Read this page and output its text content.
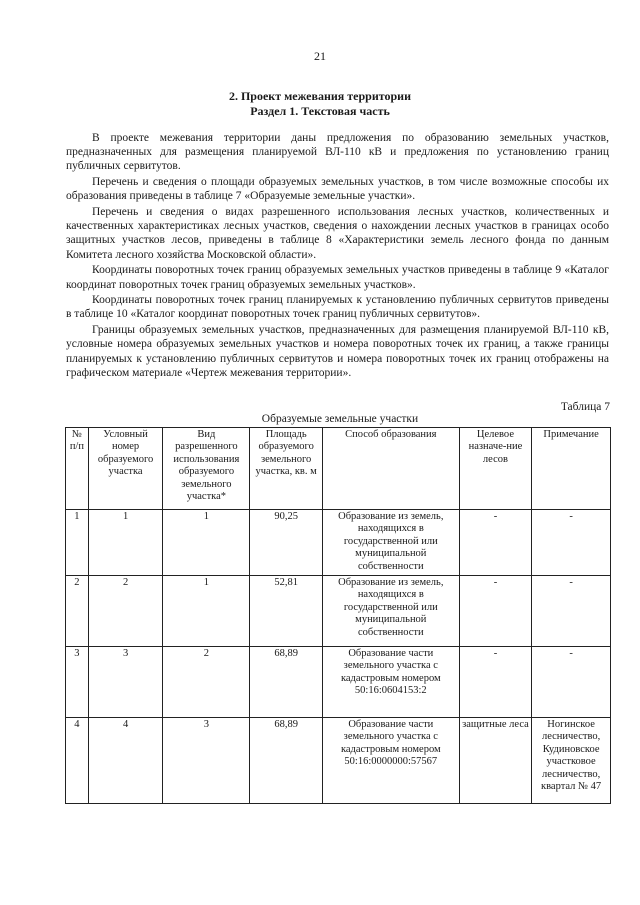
21
2. Проект межевания территории
Раздел 1. Текстовая часть

В проекте межевания территории даны предложения по образованию земельных участков, предназначенных для размещения планируемой ВЛ-110 кВ и предложения по установлению границ публичных сервитутов.

Перечень и сведения о площади образуемых земельных участков, в том числе возможные способы их образования приведены в таблице 7 «Образуемые земельные участки».

Перечень и сведения о видах разрешенного использования лесных участков, количественных и качественных характеристиках лесных участков, сведения о нахождении лесных участков в границах особо защитных участков лесов, приведены в таблице 8 «Характеристики земель лесного фонда по данным Комитета лесного хозяйства Московской области».

Координаты поворотных точек границ образуемых земельных участков приведены в таблице 9 «Каталог координат поворотных точек границ образуемых земельных участков».

Координаты поворотных точек границ планируемых к установлению публичных сервитутов приведены в таблице 10 «Каталог координат поворотных точек границ публичных сервитутов».

Границы образуемых земельных участков, предназначенных для размещения планируемой ВЛ-110 кВ, условные номера образуемых земельных участков и номера поворотных точек их границ, а также границы планируемых к установлению публичных сервитутов и номера поворотных точек их границ отображены на графическом материале «Чертеж межевания территории».

Таблица 7
Образуемые земельные участки
№ п/п	Условный номер образуемого участка	Вид разрешенного использования образуемого земельного участка*	Площадь образуемого земельного участка, кв. м	Способ образования	Целевое назначе-ние лесов	Примечание
1	1	1	90,25	Образование из земель, находящихся в государственной или муниципальной собственности	-	-
2	2	1	52,81	Образование из земель, находящихся в государственной или муниципальной собственности	-	-
3	3	2	68,89	Образование части земельного участка с кадастровым номером 50:16:0604153:2	-	-
4	4	3	68,89	Образование части земельного участка с кадастровым номером 50:16:0000000:57567	защитные леса	Ногинское лесничество, Кудиновское участковое лесничество, квартал № 47
